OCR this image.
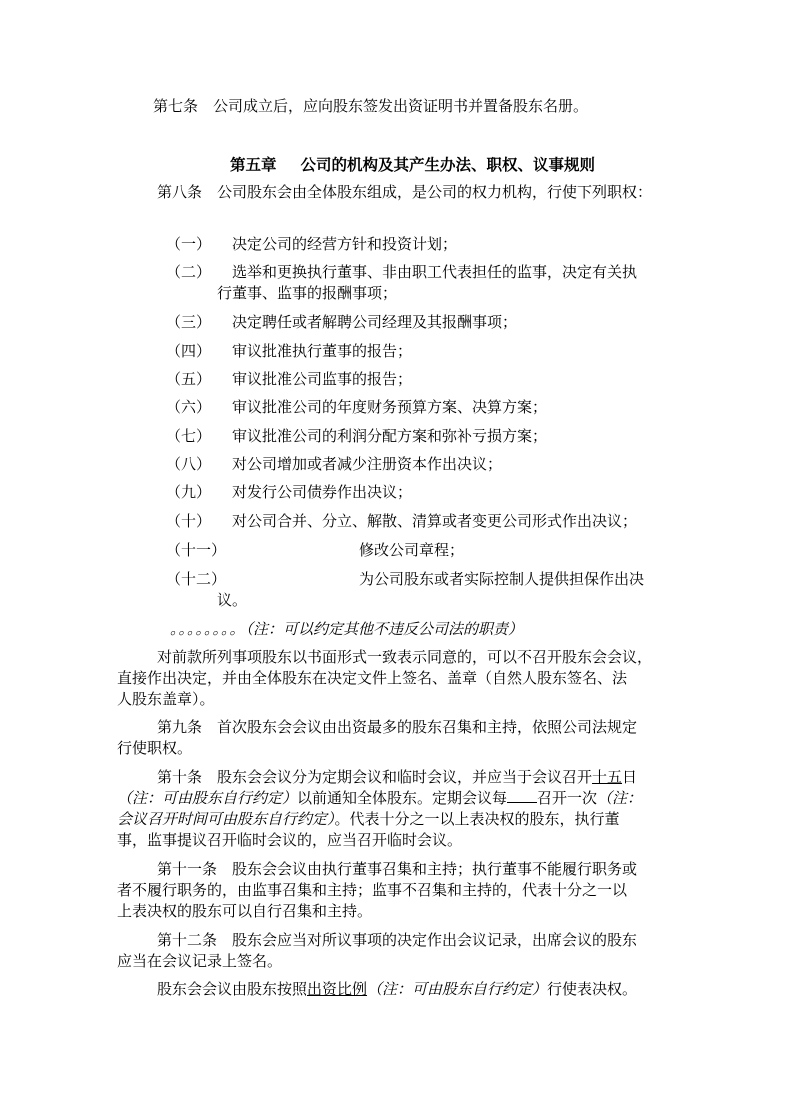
第七条　公司成立后，应向股东签发出资证明书并置备股东名册。
第五章 公司的机构及其产生办法、职权、议事规则
第八条　公司股东会由全体股东组成，是公司的权力机构，行使下列职权：
（一） 决定公司的经营方针和投资计划；
（二） 选举和更换执行董事、非由职工代表担任的监事，决定有关执
行董事、监事的报酬事项；
（三） 决定聘任或者解聘公司经理及其报酬事项；
（四） 审议批准执行董事的报告；
（五） 审议批准公司监事的报告；
（六） 审议批准公司的年度财务预算方案、决算方案；
（七） 审议批准公司的利润分配方案和弥补亏损方案；
（八） 对公司增加或者减少注册资本作出决议；
（九） 对发行公司债券作出决议；
（十） 对公司合并、分立、解散、清算或者变更公司形式作出决议；
（十一）	修改公司章程；
（十二）	为公司股东或者实际控制人提供担保作出决
议。
。。。。。。。。（注：可以约定其他不违反公司法的职责）
对前款所列事项股东以书面形式一致表示同意的，可以不召开股东会会议，
直接作出决定，并由全体股东在决定文件上签名、盖章（自然人股东签名、法
人股东盖章）。
第九条　首次股东会会议由出资最多的股东召集和主持，依照公司法规定
行使职权。
第十条　股东会会议分为定期会议和临时会议，并应当于会议召开十五日
（注：可由股东自行约定）以前通知全体股东。定期会议每 召开一次（注：
会议召开时间可由股东自行约定）。代表十分之一以上表决权的股东，执行董
事，监事提议召开临时会议的，应当召开临时会议。
第十一条　股东会会议由执行董事召集和主持；执行董事不能履行职务或
者不履行职务的，由监事召集和主持；监事不召集和主持的，代表十分之一以
上表决权的股东可以自行召集和主持。
第十二条　股东会应当对所议事项的决定作出会议记录，出席会议的股东
应当在会议记录上签名。
股东会会议由股东按照出资比例（注：可由股东自行约定）行使表决权。
